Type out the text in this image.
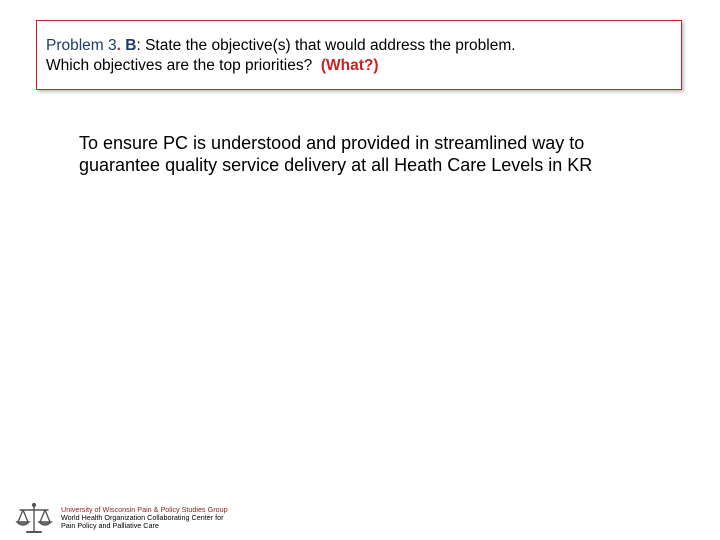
Problem 3. B: State the objective(s) that would address the problem.
Which objectives are the top priorities? (What?)
To ensure PC is understood and provided in streamlined way to
guarantee quality service delivery at all Heath Care Levels in KR
University of Wisconsin Pain & Policy Studies Group
World Health Organization Collaborating Center for
Pain Policy and Palliative Care
